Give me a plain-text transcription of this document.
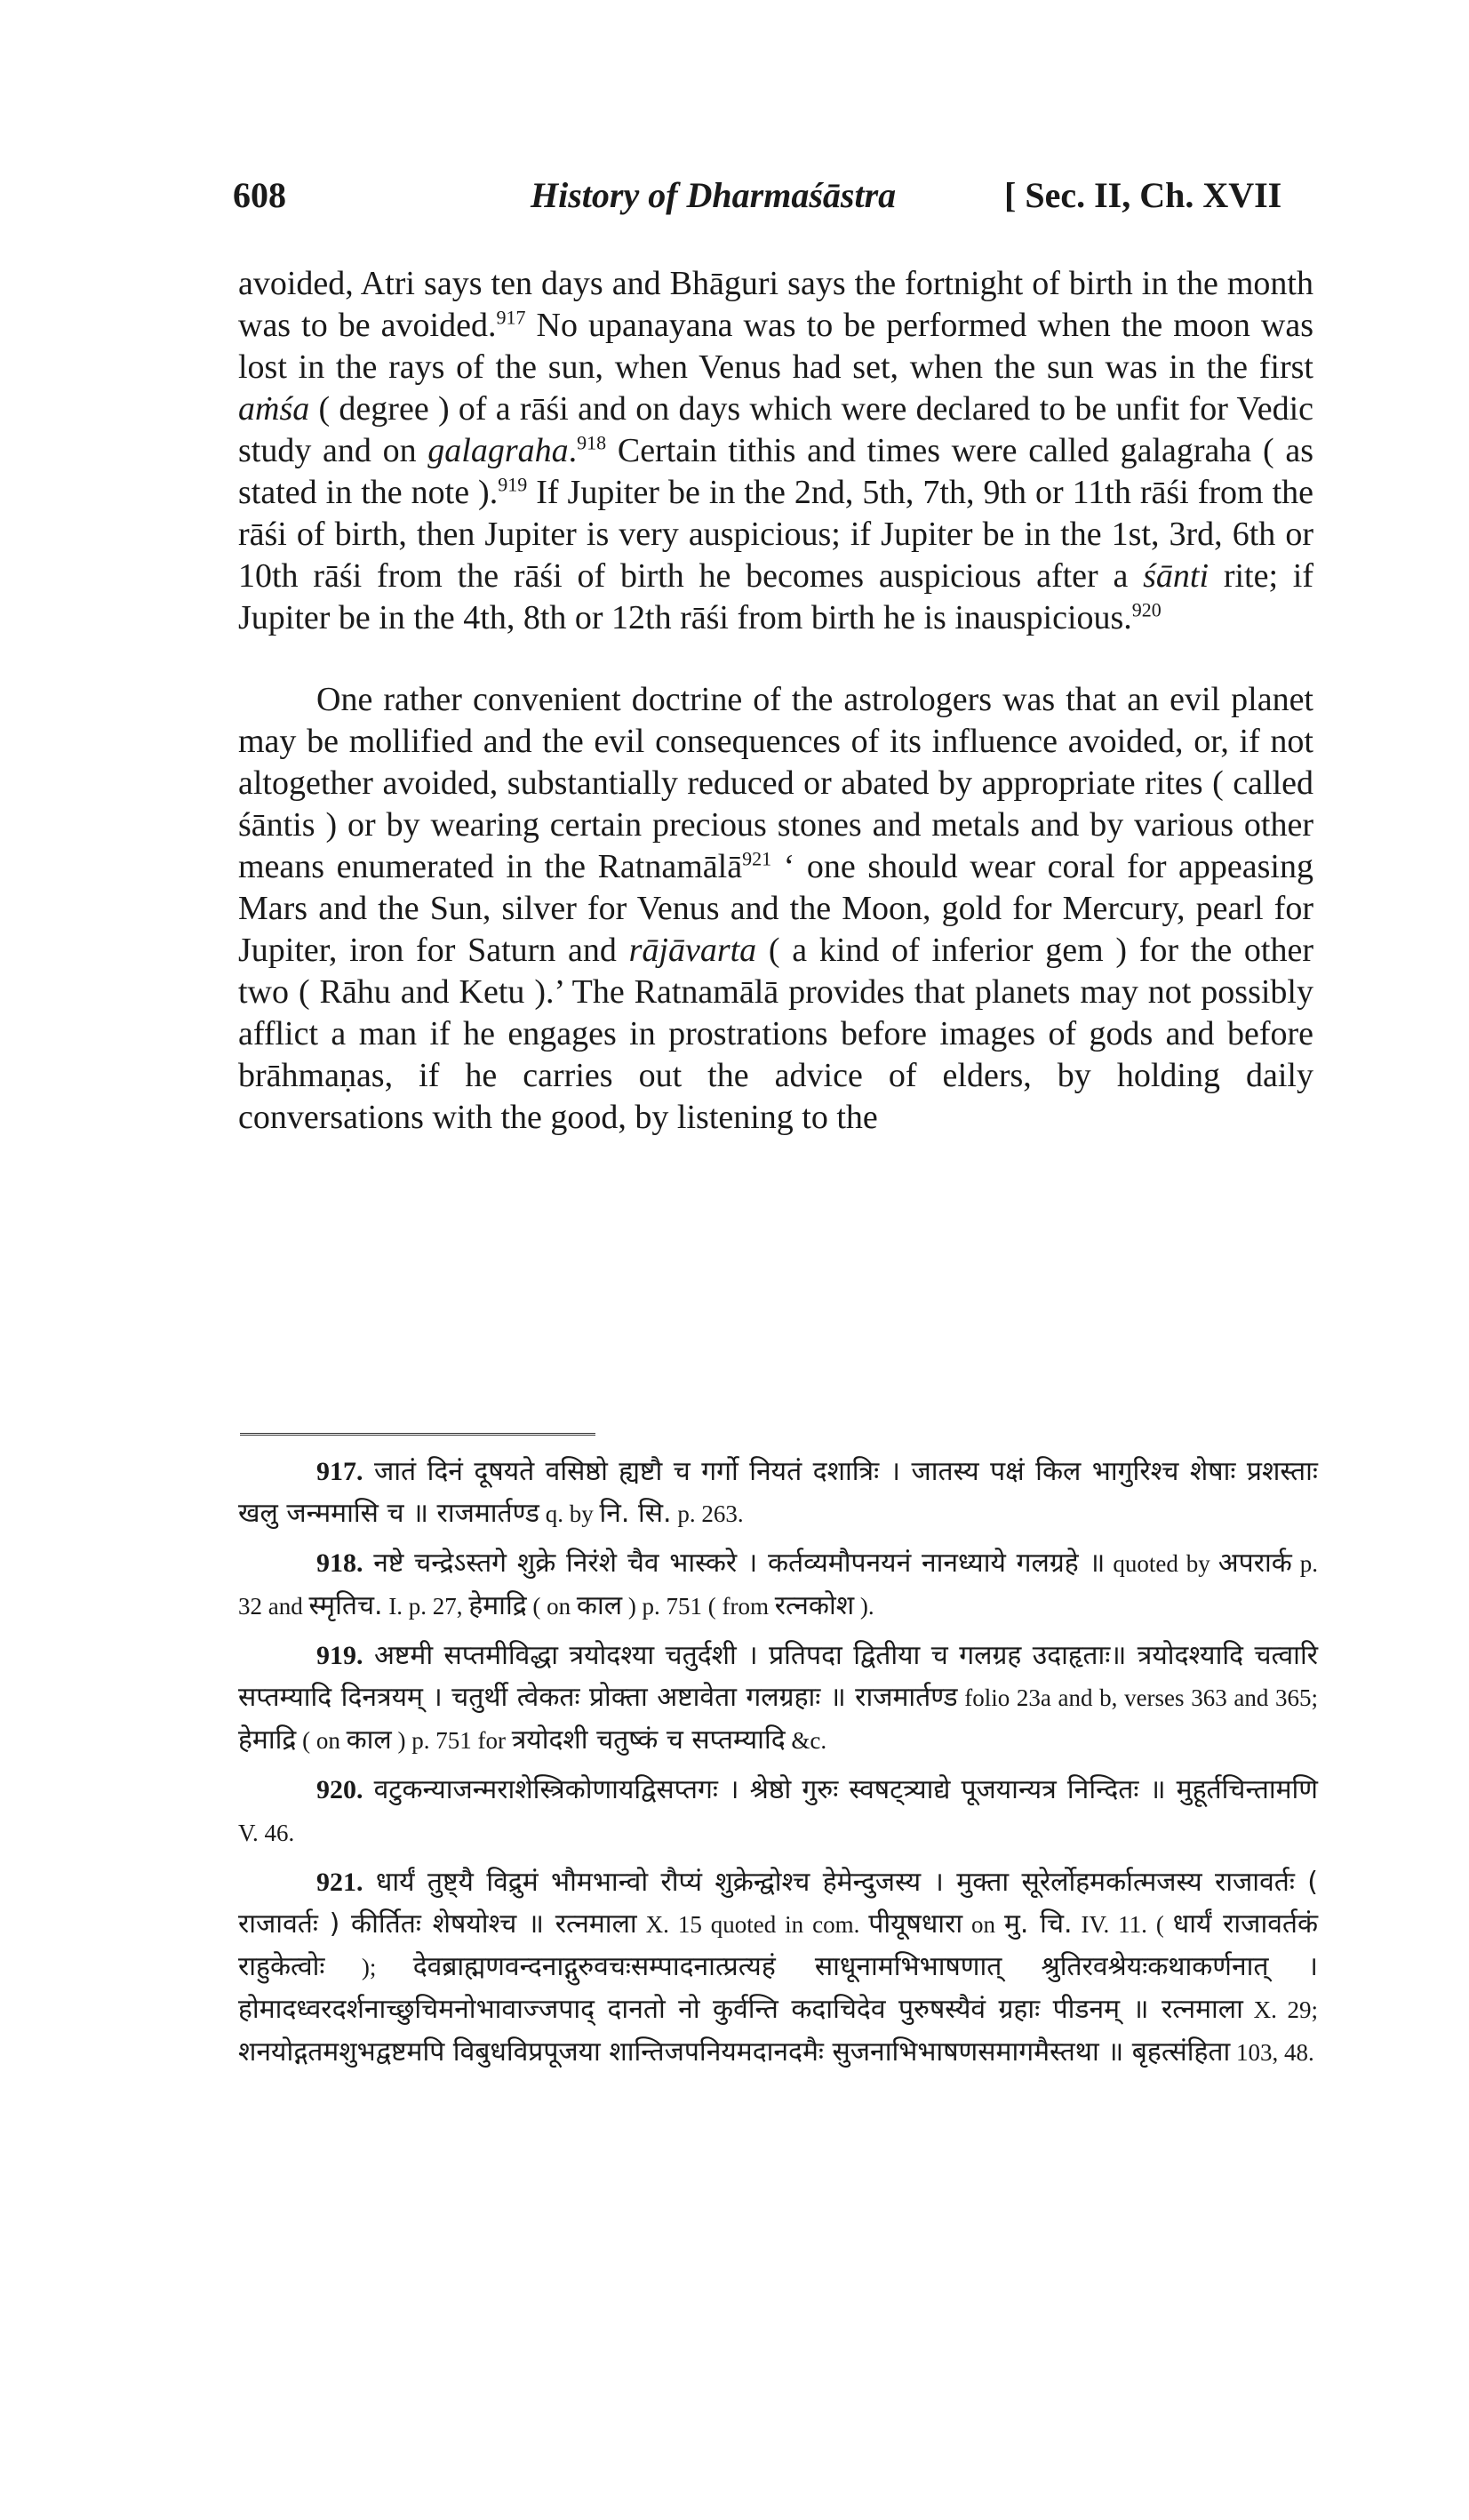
608	History of Dharmaśāstra	[ Sec. II, Ch. XVII

avoided, Atri says ten days and Bhāguri says the fortnight of birth in the month was to be avoided.$^{917}$ No upanayana was to be performed when the moon was lost in the rays of the sun, when Venus had set, when the sun was in the first aṁśa ( degree ) of a rāśi and on days which were declared to be unfit for Vedic study and on galagraha.$^{918}$ Certain tithis and times were called galagraha ( as stated in the note ).$^{919}$ If Jupiter be in the 2nd, 5th, 7th, 9th or 11th rāśi from the rāśi of birth, then Jupiter is very auspicious; if Jupiter be in the 1st, 3rd, 6th or 10th rāśi from the rāśi of birth he becomes auspicious after a śānti rite; if Jupiter be in the 4th, 8th or 12th rāśi from birth he is inauspicious.$^{920}$

One rather convenient doctrine of the astrologers was that an evil planet may be mollified and the evil consequences of its influence avoided, or, if not altogether avoided, substantially reduced or abated by appropriate rites ( called śāntis ) or by wearing certain precious stones and metals and by various other means enumerated in the Ratnamālā$^{921}$ ‘ one should wear coral for appeasing Mars and the Sun, silver for Venus and the Moon, gold for Mercury, pearl for Jupiter, iron for Saturn and rājāvarta ( a kind of inferior gem ) for the other two ( Rāhu and Ketu ).’ The Ratnamālā provides that planets may not possibly afflict a man if he engages in prostrations before images of gods and before brāhmaṇas, if he carries out the advice of elders, by holding daily conversations with the good, by listening to the

917. जातं दिनं दूषयते वसिष्ठो ह्यष्टौ च गर्गो नियतं दशात्रिः । जातस्य पक्षं किल भागुरिश्च शेषाः प्रशस्ताः खलु जन्ममासि च ॥ राजमार्तण्ड q. by नि. सि. p. 263.

918. नष्टे चन्द्रेऽस्तगे शुक्रे निरंशे चैव भास्करे । कर्तव्यमौपनयनं नानध्याये गलग्रहे ॥ quoted by अपरार्क p. 32 and स्मृतिच. I. p. 27, हेमाद्रि ( on काल ) p. 751 ( from रत्नकोश ).

919. अष्टमी सप्तमीविद्धा त्रयोदश्या चतुर्दशी । प्रतिपदा द्वितीया च गलग्रह उदाहृताः॥ त्रयोदश्यादि चत्वारि सप्तम्यादि दिनत्रयम् । चतुर्थी त्वेकतः प्रोक्ता अष्टावेता गलग्रहाः ॥ राजमार्तण्ड folio 23a and b, verses 363 and 365; हेमाद्रि ( on काल ) p. 751 for त्रयोदशी चतुष्कं च सप्तम्यादि &c.

920. वटुकन्याजन्मराशेस्त्रिकोणायद्विसप्तगः । श्रेष्ठो गुरुः स्वषट्त्र्याद्ये पूजयान्यत्र निन्दितः ॥ मुहूर्तचिन्तामणि V. 46.

921. धार्यं तुष्ट्यै विद्रुमं भौमभान्वो रौप्यं शुक्रेन्द्वोश्च हेमेन्दुजस्य । मुक्ता सूरेर्लोहमर्कात्मजस्य राजावर्तः ( राजावर्तः ) कीर्तितः शेषयोश्च ॥ रत्नमाला X. 15 quoted in com. पीयूषधारा on मु. चि. IV. 11. ( धार्यं राजावर्तकं राहुकेत्वोः ); देवब्राह्मणवन्दनाद्गुरुवचःसम्पादनात्प्रत्यहं साधूनामभिभाषणात् श्रुतिरवश्रेयःकथाकर्णनात् । होमादध्वरदर्शनाच्छुचिमनोभावाज्जपाद् दानतो नो कुर्वन्ति कदाचिदेव पुरुषस्यैवं ग्रहाः पीडनम् ॥ रत्नमाला X. 29; शनयोद्गतमशुभद्वष्टमपि विबुधविप्रपूजया शान्तिजपनियमदानदमैः सुजनाभिभाषणसमागमैस्तथा ॥ बृहत्संहिता 103, 48.
